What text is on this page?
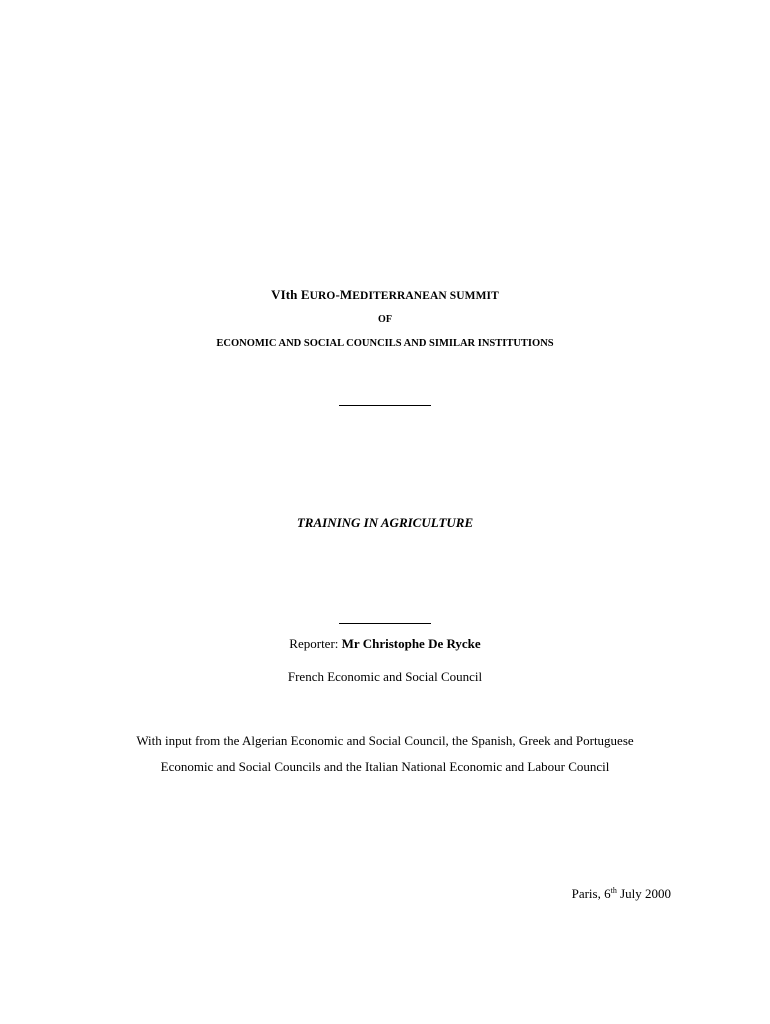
VIth EURO-MEDITERRANEAN SUMMIT
OF
ECONOMIC AND SOCIAL COUNCILS AND SIMILAR INSTITUTIONS
TRAINING IN AGRICULTURE
Reporter: Mr Christophe De Rycke
French Economic and Social Council
With input from the Algerian Economic and Social Council, the Spanish, Greek and Portuguese
Economic and Social Councils and the Italian National Economic and Labour Council
Paris, 6th July 2000
